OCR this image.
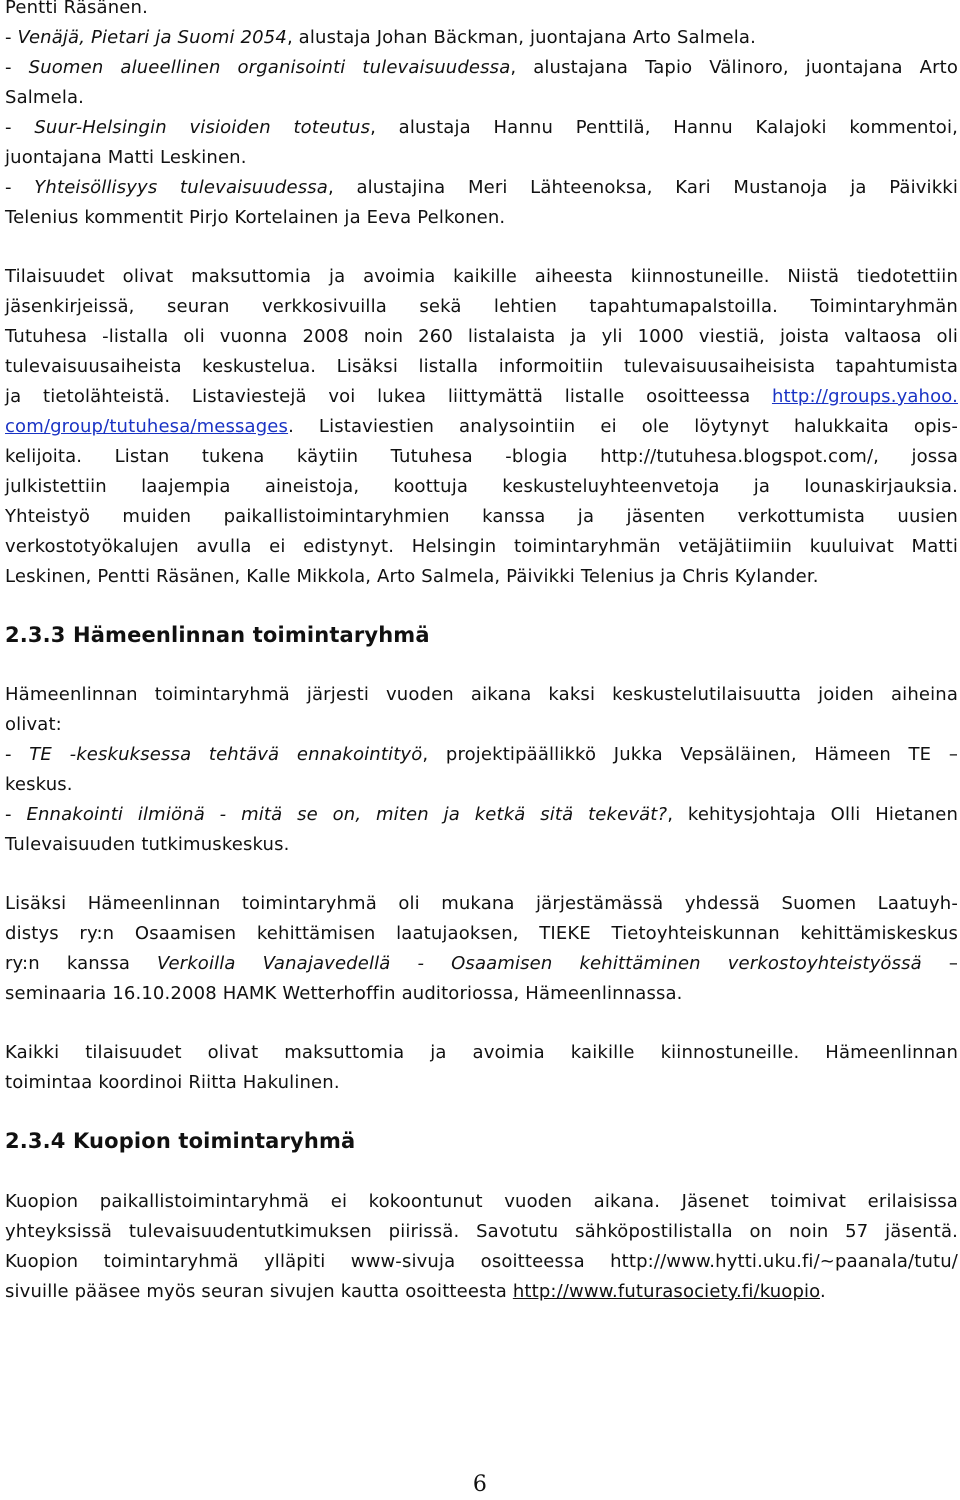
Pentti Räsänen.
- Venäjä, Pietari ja Suomi 2054, alustaja Johan Bäckman, juontajana Arto Salmela.
- Suomen alueellinen organisointi tulevaisuudessa, alustajana Tapio Välinoro, juontajana Arto
Salmela.
- Suur-Helsingin visioiden toteutus, alustaja Hannu Penttilä, Hannu Kalajoki kommentoi,
juontajana Matti Leskinen.
- Yhteisöllisyys tulevaisuudessa, alustajina Meri Lähteenoksa, Kari Mustanoja ja Päivikki
Telenius kommentit Pirjo Kortelainen ja Eeva Pelkonen.
Tilaisuudet olivat maksuttomia ja avoimia kaikille aiheesta kiinnostuneille. Niistä tiedotettiin
jäsenkirjeissä, seuran verkkosivuilla sekä lehtien tapahtumapalstoilla. Toimintaryhmän
Tutuhesa -listalla oli vuonna 2008 noin 260 listalaista ja yli 1000 viestiä, joista valtaosa oli
tulevaisuusaiheista keskustelua. Lisäksi listalla informoitiin tulevaisuusaiheisista tapahtumista
ja tietolähteistä. Listaviestejä voi lukea liittymättä listalle osoitteessa http://groups.yahoo.
com/group/tutuhesa/messages. Listaviestien analysointiin ei ole löytynyt halukkaita opis-
kelijoita. Listan tukena käytiin Tutuhesa -blogia http://tutuhesa.blogspot.com/, jossa
julkistettiin laajempia aineistoja, koottuja keskusteluyhteenvetoja ja lounaskirjauksia.
Yhteistyö muiden paikallistoimintaryhmien kanssa ja jäsenten verkottumista uusien
verkostotyökalujen avulla ei edistynyt. Helsingin toimintaryhmän vetäjätiimiin kuuluivat Matti
Leskinen, Pentti Räsänen, Kalle Mikkola, Arto Salmela, Päivikki Telenius ja Chris Kylander.
2.3.3 Hämeenlinnan toimintaryhmä
Hämeenlinnan toimintaryhmä järjesti vuoden aikana kaksi keskustelutilaisuutta joiden aiheina
olivat:
- TE -keskuksessa tehtävä ennakointityö, projektipäällikkö Jukka Vepsäläinen, Hämeen TE –
keskus.
- Ennakointi ilmiönä - mitä se on, miten ja ketkä sitä tekevät?, kehitysjohtaja Olli Hietanen
Tulevaisuuden tutkimuskeskus.
Lisäksi Hämeenlinnan toimintaryhmä oli mukana järjestämässä yhdessä Suomen Laatuyh-
distys ry:n Osaamisen kehittämisen laatujaoksen, TIEKE Tietoyhteiskunnan kehittämiskeskus
ry:n kanssa Verkoilla Vanajavedellä - Osaamisen kehittäminen verkostoyhteistyössä –
seminaaria 16.10.2008 HAMK Wetterhoffin auditoriossa, Hämeenlinnassa.
Kaikki tilaisuudet olivat maksuttomia ja avoimia kaikille kiinnostuneille. Hämeenlinnan
toimintaa koordinoi Riitta Hakulinen.
2.3.4 Kuopion toimintaryhmä
Kuopion paikallistoimintaryhmä ei kokoontunut vuoden aikana. Jäsenet toimivat erilaisissa
yhteyksissä tulevaisuudentutkimuksen piirissä. Savotutu sähköpostilistalla on noin 57 jäsentä.
Kuopion toimintaryhmä ylläpiti www-sivuja osoitteessa http://www.hytti.uku.fi/~paanala/tutu/
sivuille pääsee myös seuran sivujen kautta osoitteesta http://www.futurasociety.fi/kuopio.
6
